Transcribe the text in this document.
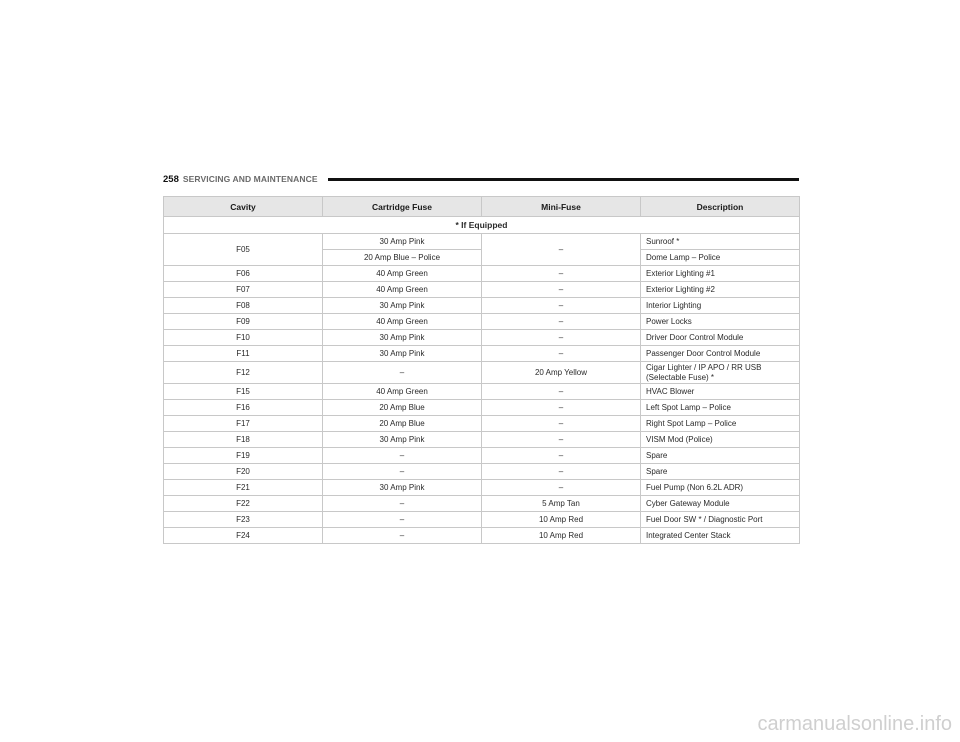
258 SERVICING AND MAINTENANCE
Cavity	Cartridge Fuse	Mini-Fuse	Description
* If Equipped			
F05	30 Amp Pink	–	Sunroof *
	20 Amp Blue – Police		Dome Lamp – Police
F06	40 Amp Green	–	Exterior Lighting #1
F07	40 Amp Green	–	Exterior Lighting #2
F08	30 Amp Pink	–	Interior Lighting
F09	40 Amp Green	–	Power Locks
F10	30 Amp Pink	–	Driver Door Control Module
F11	30 Amp Pink	–	Passenger Door Control Module
F12	–	20 Amp Yellow	Cigar Lighter / IP APO / RR USB (Selectable Fuse) *
F15	40 Amp Green	–	HVAC Blower
F16	20 Amp Blue	–	Left Spot Lamp – Police
F17	20 Amp Blue	–	Right Spot Lamp – Police
F18	30 Amp Pink	–	VISM Mod (Police)
F19	–	–	Spare
F20	–	–	Spare
F21	30 Amp Pink	–	Fuel Pump (Non 6.2L ADR)
F22	–	5 Amp Tan	Cyber Gateway Module
F23	–	10 Amp Red	Fuel Door SW * / Diagnostic Port
F24	–	10 Amp Red	Integrated Center Stack
carmanualsonline.info
